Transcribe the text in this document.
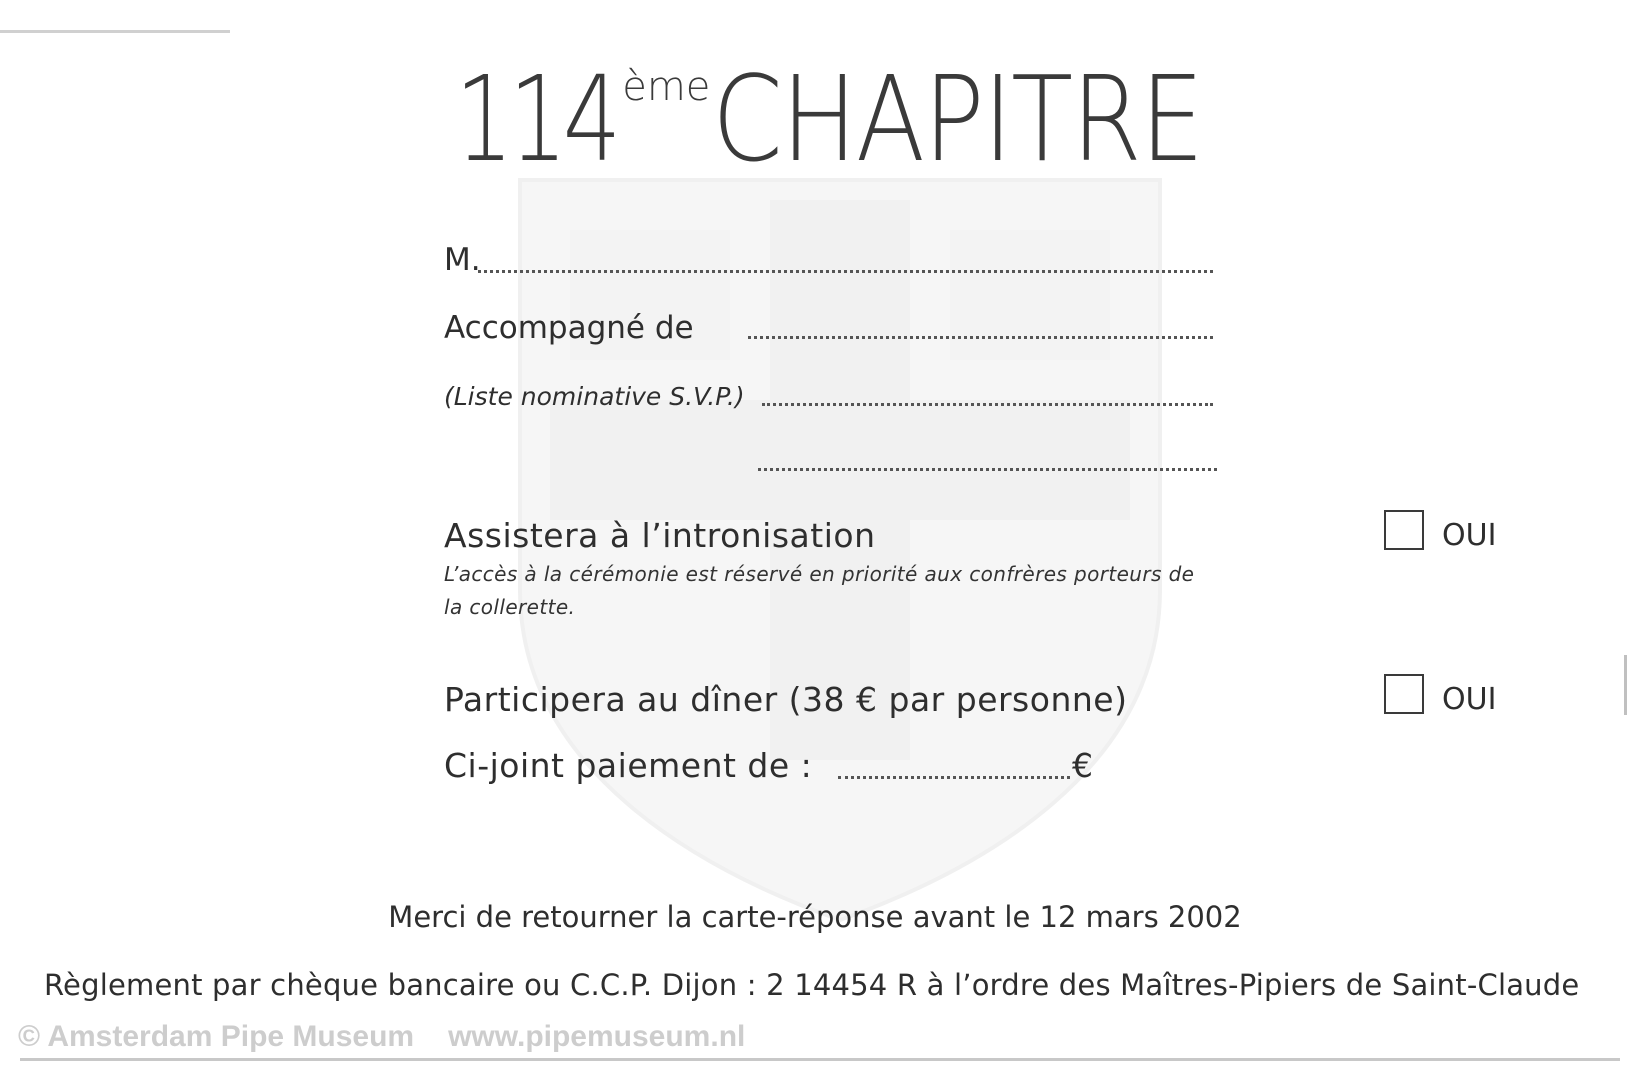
114 èmeCHAPITRE
M.
Accompagné de
(Liste nominative S.V.P.)
Assistera à l’intronisation
L’accès à la cérémonie est réservé en priorité aux confrères porteurs de la collerette.
OUI
Participera au dîner (38 € par personne)	OUI
Ci-joint paiement de :	€
Merci de retourner la carte-réponse avant le 12 mars 2002
Règlement par chèque bancaire ou C.C.P. Dijon : 2 14454 R à l’ordre des Maîtres-Pipiers de Saint-Claude
© Amsterdam Pipe Museum www.pipemuseum.nl
